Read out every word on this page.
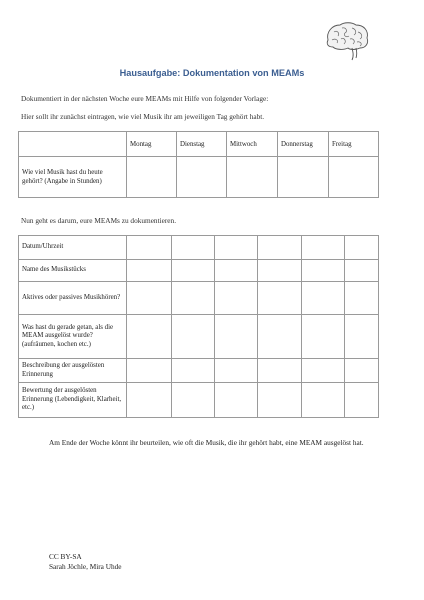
Hausaufgabe: Dokumentation von MEAMs
Dokumentiert in der nächsten Woche eure MEAMs mit Hilfe von folgender Vorlage:
Hier sollt ihr zunächst eintragen, wie viel Musik ihr am jeweiligen Tag gehört habt.
	Montag	Dienstag	Mittwoch	Donnerstag	Freitag
Wie viel Musik hast du heute gehört? (Angabe in Stunden)					
Nun geht es darum, eure MEAMs zu dokumentieren.
Datum/Uhrzeit						

Name des Musikstücks						

Aktives oder passives Musikhören?						

Was hast du gerade getan, als die MEAM ausgelöst wurde? (aufräumen, kochen etc.)						

Beschreibung der ausgelösten Erinnerung						

Bewertung der ausgelösten Erinnerung (Lebendigkeit, Klarheit, etc.)						

Am Ende der Woche könnt ihr beurteilen, wie oft die Musik, die ihr gehört habt, eine MEAM ausgelöst hat.
CC BY-SA
Sarah Jöchle, Mira Uhde
